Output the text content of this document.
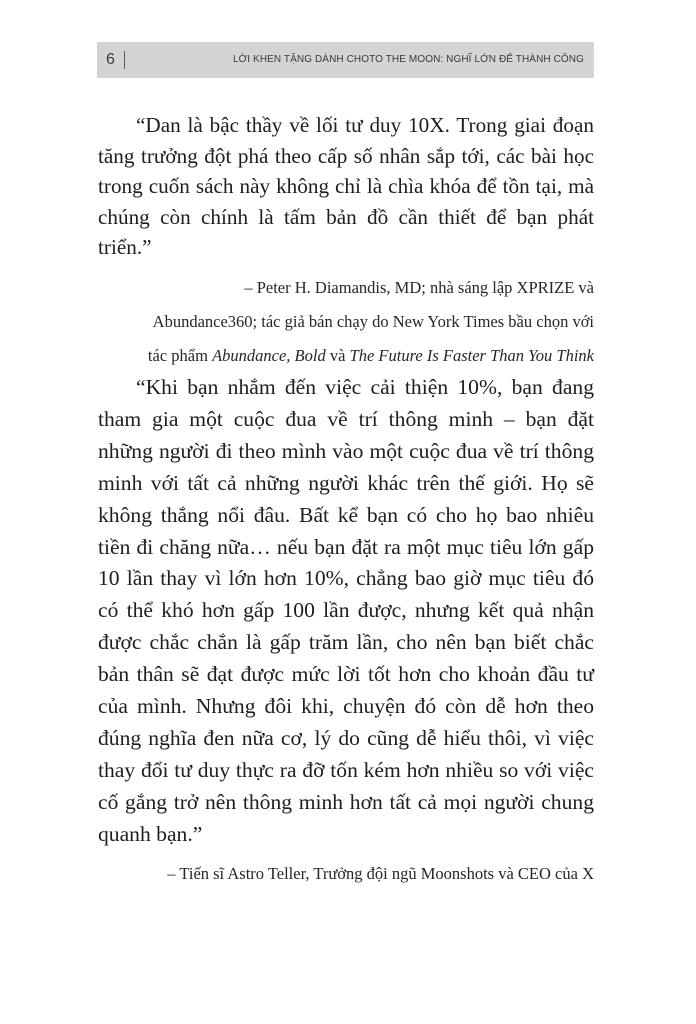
6	LỜI KHEN TẶNG DÀNH CHOTO THE MOON: NGHĨ LỚN ĐỂ THÀNH CÔNG

“Dan là bậc thầy về lối tư duy 10X. Trong giai đoạn tăng trưởng đột phá theo cấp số nhân sắp tới, các bài học trong cuốn sách này không chỉ là chìa khóa để tồn tại, mà chúng còn chính là tấm bản đồ cần thiết để bạn phát triển.”

– Peter H. Diamandis, MD; nhà sáng lập XPRIZE và
Abundance360; tác giả bán chạy do New York Times bầu chọn với
tác phẩm Abundance, Bold và The Future Is Faster Than You Think

“Khi bạn nhắm đến việc cải thiện 10%, bạn đang tham gia một cuộc đua về trí thông minh – bạn đặt những người đi theo mình vào một cuộc đua về trí thông minh với tất cả những người khác trên thế giới. Họ sẽ không thắng nổi đâu. Bất kể bạn có cho họ bao nhiêu tiền đi chăng nữa… nếu bạn đặt ra một mục tiêu lớn gấp 10 lần thay vì lớn hơn 10%, chẳng bao giờ mục tiêu đó có thể khó hơn gấp 100 lần được, nhưng kết quả nhận được chắc chắn là gấp trăm lần, cho nên bạn biết chắc bản thân sẽ đạt được mức lời tốt hơn cho khoản đầu tư của mình. Nhưng đôi khi, chuyện đó còn dễ hơn theo đúng nghĩa đen nữa cơ, lý do cũng dễ hiểu thôi, vì việc thay đổi tư duy thực ra đỡ tốn kém hơn nhiều so với việc cố gắng trở nên thông minh hơn tất cả mọi người chung quanh bạn.”

– Tiến sĩ Astro Teller, Trưởng đội ngũ Moonshots và CEO của X
